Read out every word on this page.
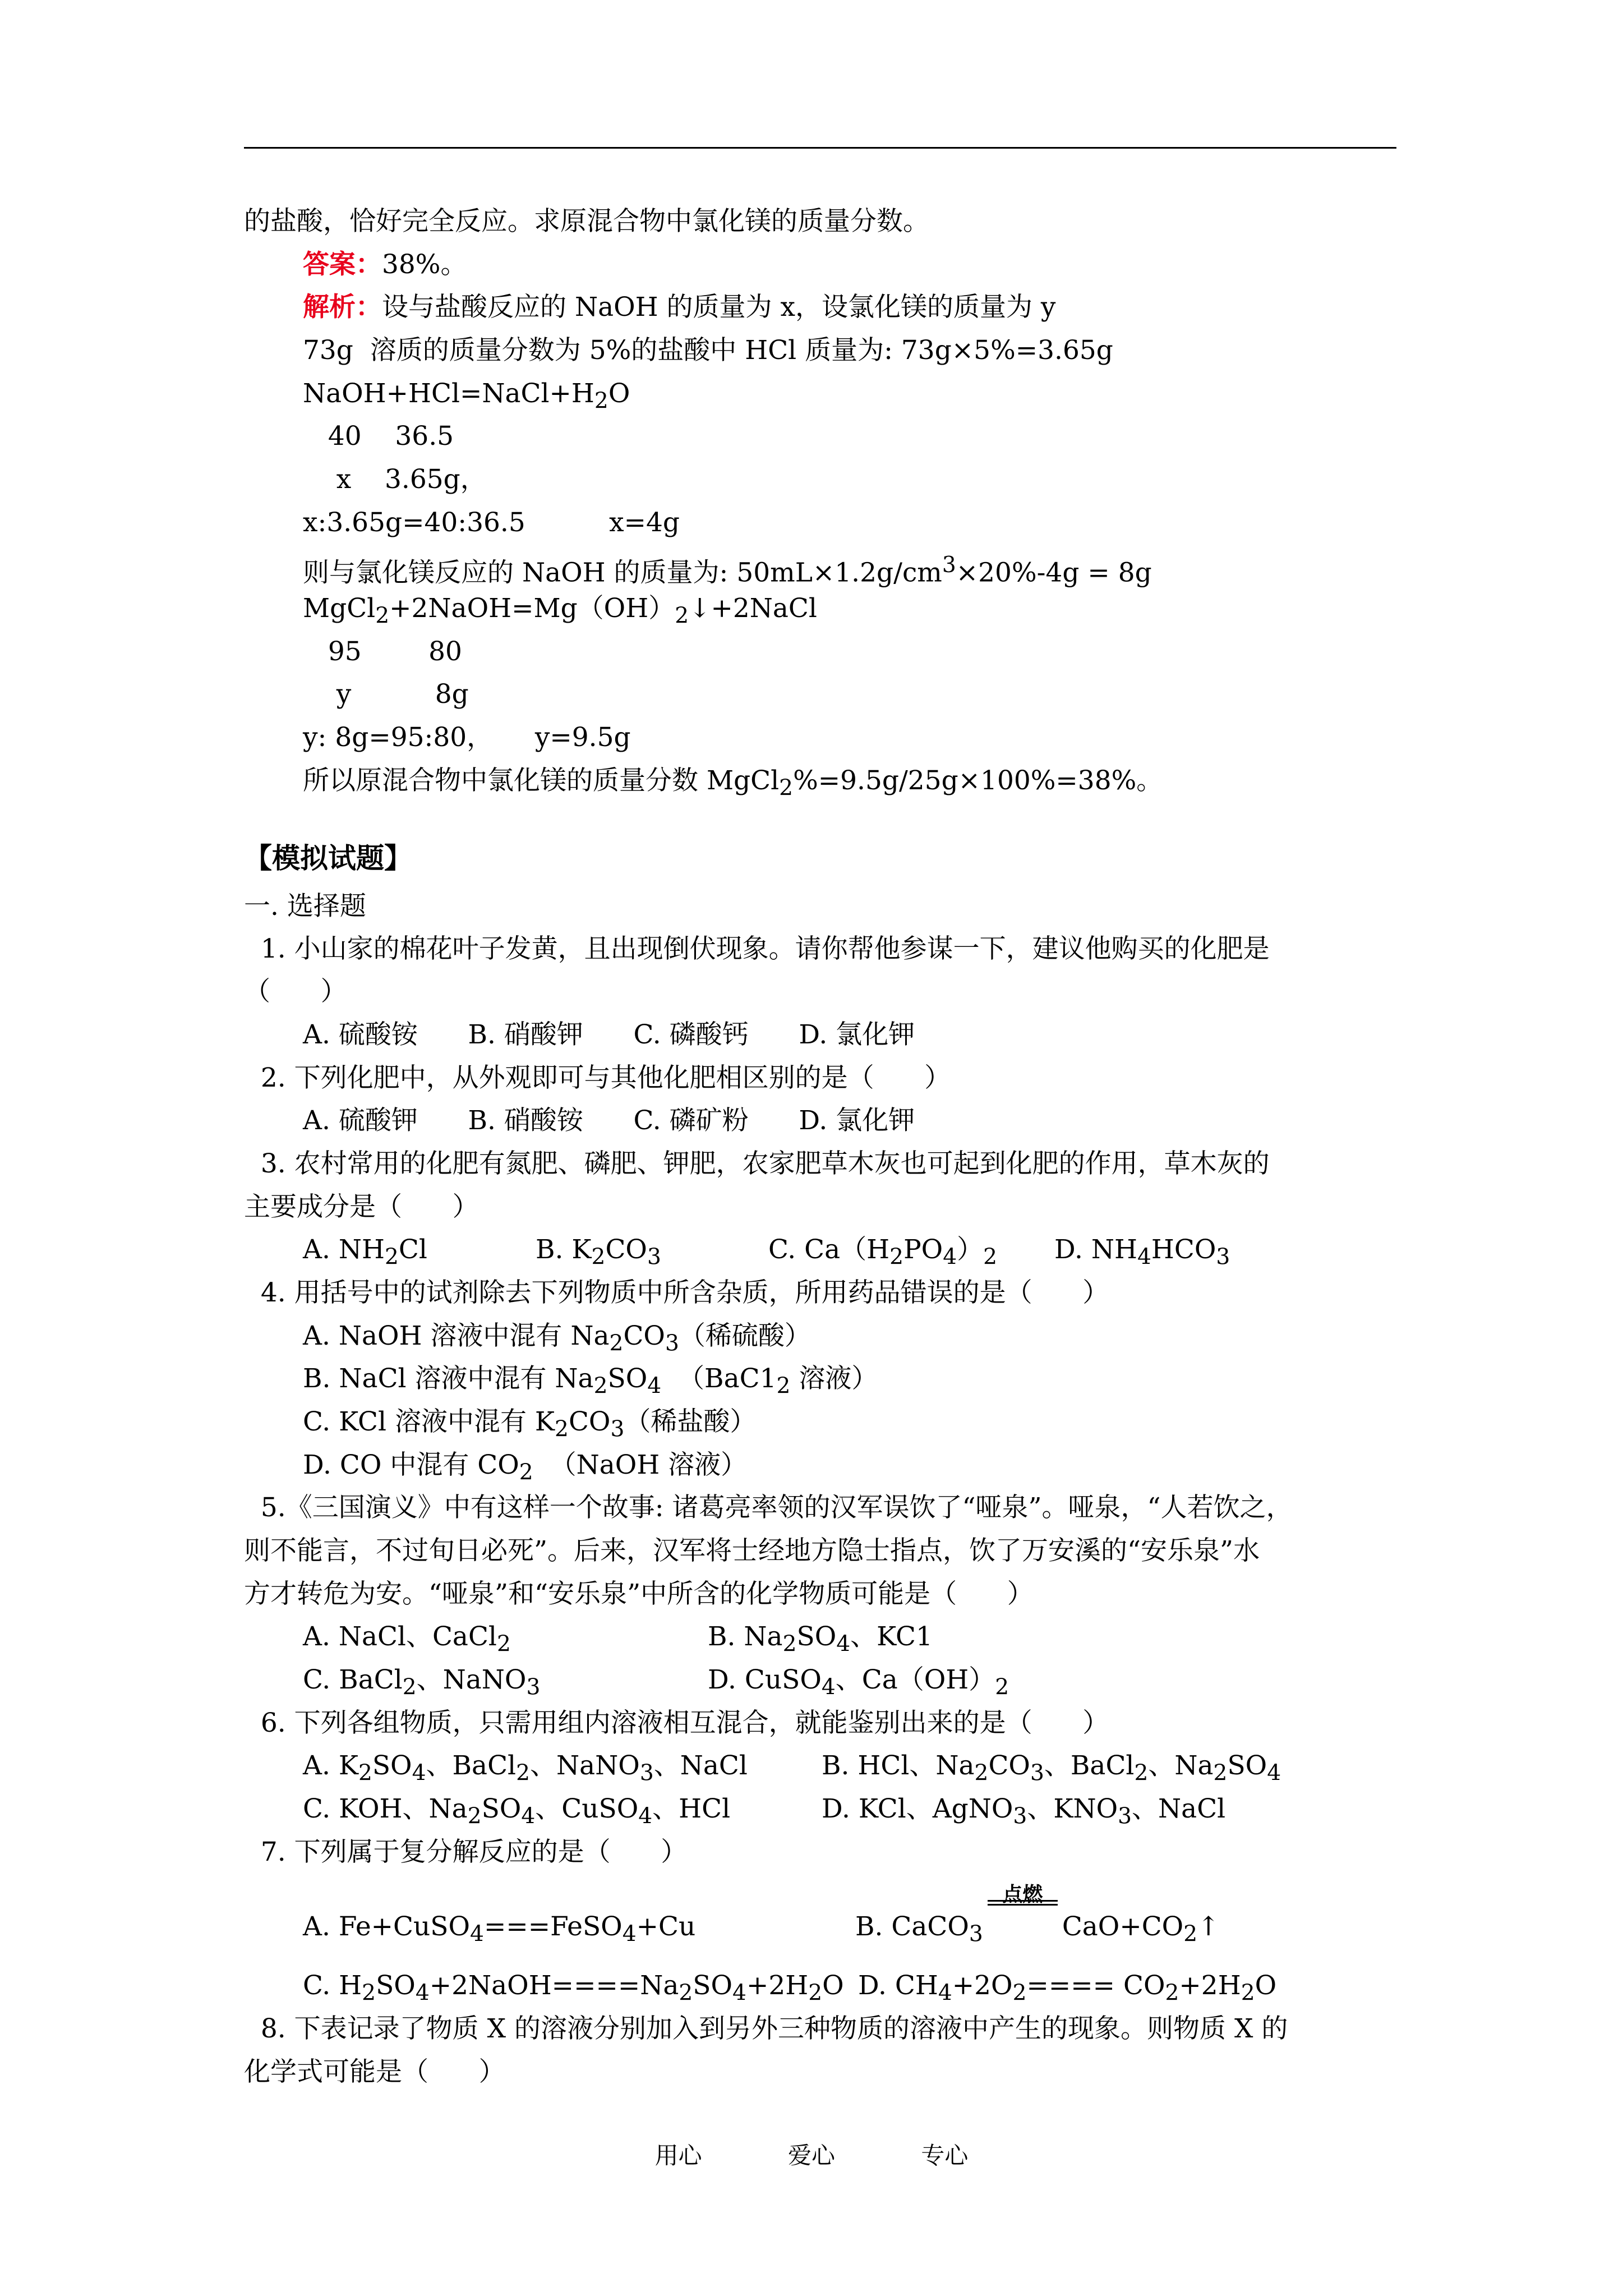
的盐酸，恰好完全反应。求原混合物中氯化镁的质量分数。
答案：38%。
解析：设与盐酸反应的 NaOH 的质量为 x，设氯化镁的质量为 y
73g  溶质的质量分数为 5%的盐酸中 HCl 质量为: 73g×5%=3.65g
$NaOH+HCl=NaCl+H_2O$
40    36.5
x    3.65g，
x:3.65g=40:36.5          x=4g
则与氯化镁反应的 NaOH 的质量为: $50mL\times 1.2g/cm^3\times 20\%-4g = 8g$
$MgCl_2+2NaOH=Mg(OH)_2↓+2NaCl$
95        80
y          8g
y: 8g=95:80，     y=9.5g
所以原混合物中氯化镁的质量分数 MgCl$_2$%=9.5g/25g×100%=38%。
【模拟试题】
一. 选择题
1. 小山家的棉花叶子发黄，且出现倒伏现象。请你帮他参谋一下，建议他购买的化肥是
（      ）
A. 硫酸铵      B. 硝酸钾      C. 磷酸钙      D. 氯化钾
2. 下列化肥中，从外观即可与其他化肥相区别的是（      ）
A. 硫酸钾      B. 硝酸铵      C. 磷矿粉      D. 氯化钾
3. 农村常用的化肥有氮肥、磷肥、钾肥，农家肥草木灰也可起到化肥的作用，草木灰的
主要成分是（      ）
A. $NH_2Cl$	B. $K_2CO_3$	C. $Ca(H_2PO_4)_2$ D. $NH_4HCO_3$
4. 用括号中的试剂除去下列物质中所含杂质，所用药品错误的是（      ）
A. NaOH 溶液中混有 $Na_2CO_3$（稀硫酸）
B. NaCl 溶液中混有 $Na_2SO_4$  （$BaC1_2$ 溶液）
C. KCl 溶液中混有 $K_2CO_3$（稀盐酸）
D. CO 中混有 $CO_2$  （NaOH 溶液）
5.《三国演义》中有这样一个故事: 诸葛亮率领的汉军误饮了“哑泉”。哑泉，“人若饮之，
则不能言，不过旬日必死”。后来，汉军将士经地方隐士指点，饮了万安溪的“安乐泉”水
方才转危为安。“哑泉”和“安乐泉”中所含的化学物质可能是（      ）
A. NaCl、CaCl$_2$	B. $Na_2SO_4$、KC1
C. BaCl$_2$、NaNO$_3$	D. CuSO$_4$、$Ca(OH)_2$
6. 下列各组物质，只需用组内溶液相互混合，就能鉴别出来的是（      ）
A. $K_2SO_4$、BaCl$_2$、NaNO$_3$、NaCl	B. HCl、$Na_2CO_3$、BaCl$_2$、$Na_2SO_4$
C. KOH、$Na_2SO_4$、CuSO$_4$、HCl	D. KCl、AgNO$_3$、$KNO_3$、NaCl
7. 下列属于复分解反应的是（      ）
A. Fe+CuSO$_4$===FeSO$_4$+Cu	B. CaCO$_3$
点燃
$CaO+CO_2↑$
C. $H_2SO_4+2NaOH====Na_2SO_4+2H_2O$ D. $CH_4+2O_2==== CO_2+2H_2O$
8. 下表记录了物质 X 的溶液分别加入到另外三种物质的溶液中产生的现象。则物质 X 的
化学式可能是（      ）
用心	爱心	专心
